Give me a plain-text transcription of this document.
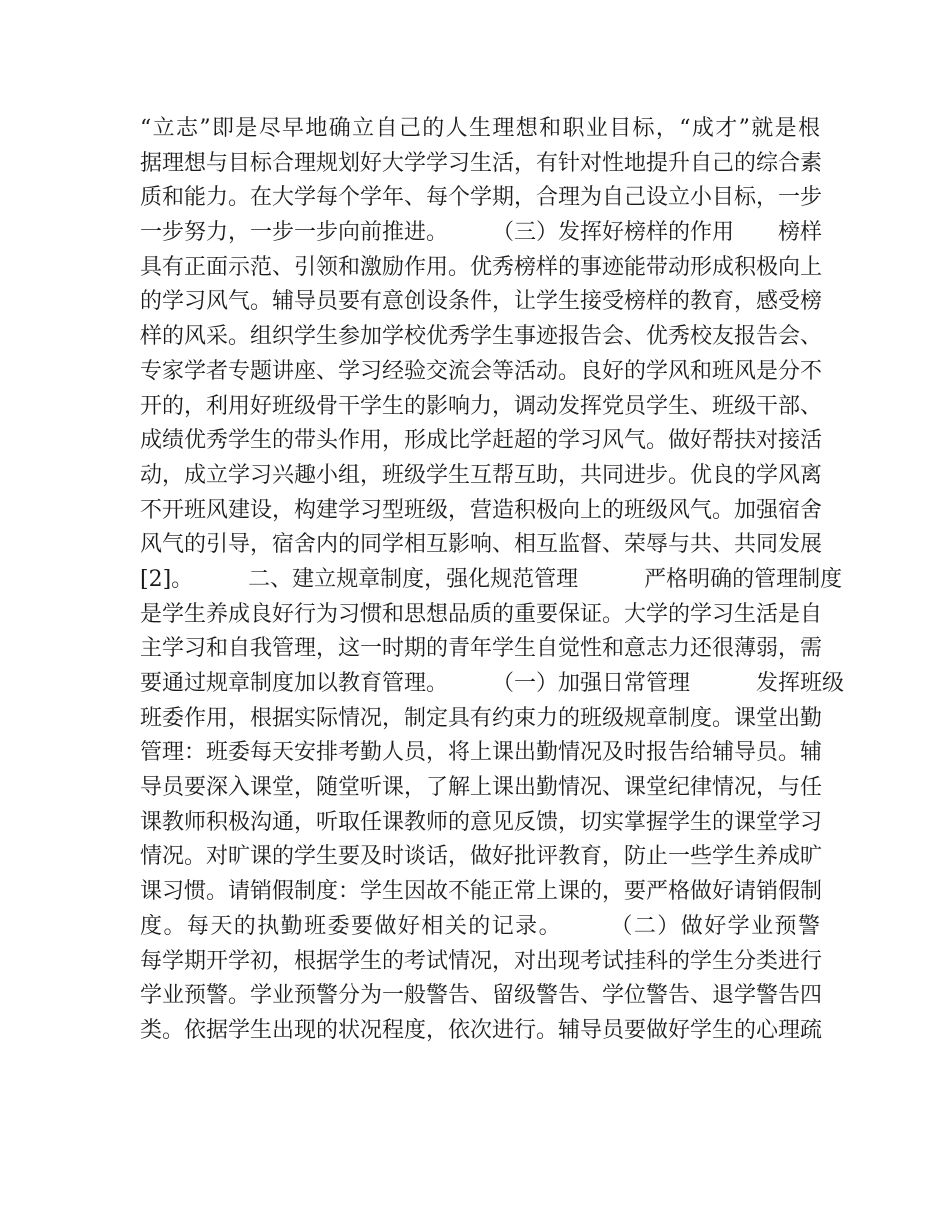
“立志”即是尽早地确立自己的人生理想和职业目标，“成才”就是根
据理想与目标合理规划好大学学习生活，有针对性地提升自己的综合素
质和能力。在大学每个学年、每个学期，合理为自己设立小目标，一步
一步努力，一步一步向前推进。　　　（三）发挥好榜样的作用　　榜样
具有正面示范、引领和激励作用。优秀榜样的事迹能带动形成积极向上
的学习风气。辅导员要有意创设条件，让学生接受榜样的教育，感受榜
样的风采。组织学生参加学校优秀学生事迹报告会、优秀校友报告会、
专家学者专题讲座、学习经验交流会等活动。良好的学风和班风是分不
开的，利用好班级骨干学生的影响力，调动发挥党员学生、班级干部、
成绩优秀学生的带头作用，形成比学赶超的学习风气。做好帮扶对接活
动，成立学习兴趣小组，班级学生互帮互助，共同进步。优良的学风离
不开班风建设，构建学习型班级，营造积极向上的班级风气。加强宿舍
风气的引导，宿舍内的同学相互影响、相互监督、荣辱与共、共同发展
[2]。　　　二、建立规章制度，强化规范管理　　　严格明确的管理制度
是学生养成良好行为习惯和思想品质的重要保证。大学的学习生活是自
主学习和自我管理，这一时期的青年学生自觉性和意志力还很薄弱，需
要通过规章制度加以教育管理。　　　（一）加强日常管理　　　发挥班级
班委作用，根据实际情况，制定具有约束力的班级规章制度。课堂出勤
管理：班委每天安排考勤人员，将上课出勤情况及时报告给辅导员。辅
导员要深入课堂，随堂听课，了解上课出勤情况、课堂纪律情况，与任
课教师积极沟通，听取任课教师的意见反馈，切实掌握学生的课堂学习
情况。对旷课的学生要及时谈话，做好批评教育，防止一些学生养成旷
课习惯。请销假制度：学生因故不能正常上课的，要严格做好请销假制
度。每天的执勤班委要做好相关的记录。　　　（二）做好学业预警
每学期开学初，根据学生的考试情况，对出现考试挂科的学生分类进行
学业预警。学业预警分为一般警告、留级警告、学位警告、退学警告四
类。依据学生出现的状况程度，依次进行。辅导员要做好学生的心理疏
